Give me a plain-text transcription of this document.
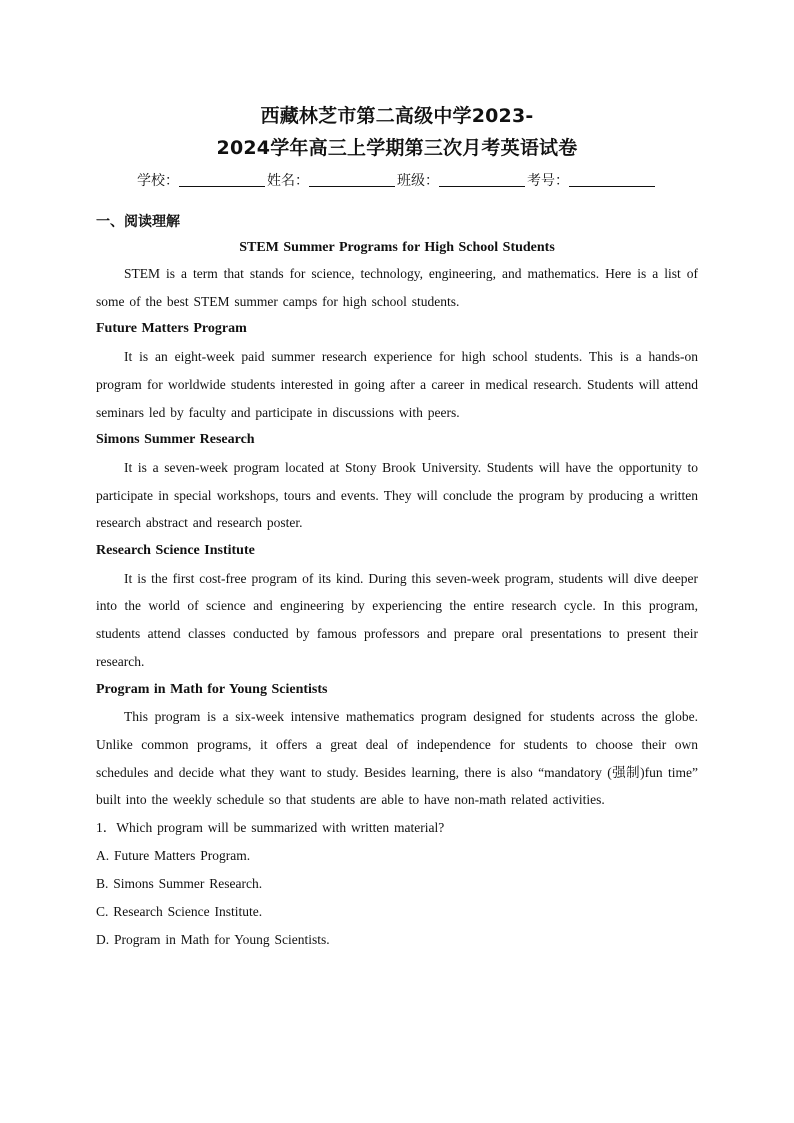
西藏林芝市第二高级中学2023-
2024学年高三上学期第三次月考英语试卷
学校：	姓名：	班级：	考号：
一、阅读理解
STEM Summer Programs for High School Students

STEM is a term that stands for science, technology, engineering, and mathematics. Here is a list of some of the best STEM summer camps for high school students.

Future Matters Program

It is an eight-week paid summer research experience for high school students. This is a hands-on program for worldwide students interested in going after a career in medical research. Students will attend seminars led by faculty and participate in discussions with peers.

Simons Summer Research

It is a seven-week program located at Stony Brook University. Students will have the opportunity to participate in special workshops, tours and events. They will conclude the program by producing a written research abstract and research poster.

Research Science Institute

It is the first cost-free program of its kind. During this seven-week program, students will dive deeper into the world of science and engineering by experiencing the entire research cycle. In this program, students attend classes conducted by famous professors and prepare oral presentations to present their research.

Program in Math for Young Scientists

This program is a six-week intensive mathematics program designed for students across the globe. Unlike common programs, it offers a great deal of independence for students to choose their own schedules and decide what they want to study. Besides learning, there is also “mandatory (强制)fun time” built into the weekly schedule so that students are able to have non-math related activities.

1．Which program will be summarized with written material?

A. Future Matters Program.

B. Simons Summer Research.

C. Research Science Institute.

D. Program in Math for Young Scientists.
